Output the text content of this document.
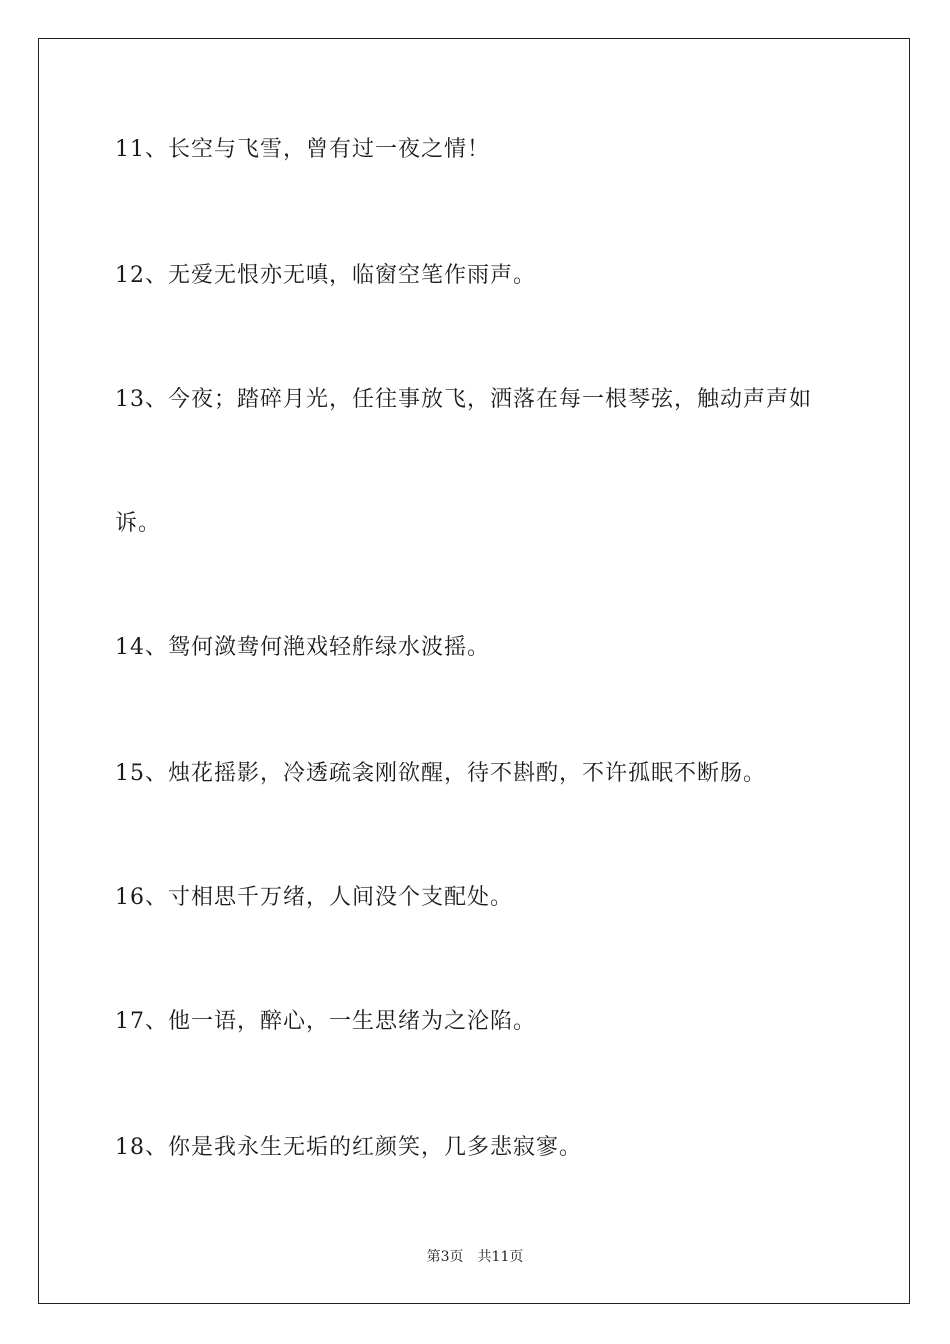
11、长空与飞雪，曾有过一夜之情！
12、无爱无恨亦无嗔，临窗空笔作雨声。
13、今夜；踏碎月光，任往事放飞，洒落在每一根琴弦，触动声声如
诉。
14、鸳何潋鸯何滟戏轻舴绿水波摇。
15、烛花摇影，冷透疏衾刚欲醒，待不斟酌，不许孤眠不断肠。
16、寸相思千万绪，人间没个支配处。
17、他一语，醉心，一生思绪为之沦陷。
18、你是我永生无垢的红颜笑，几多悲寂寥。
第3页 共11页
